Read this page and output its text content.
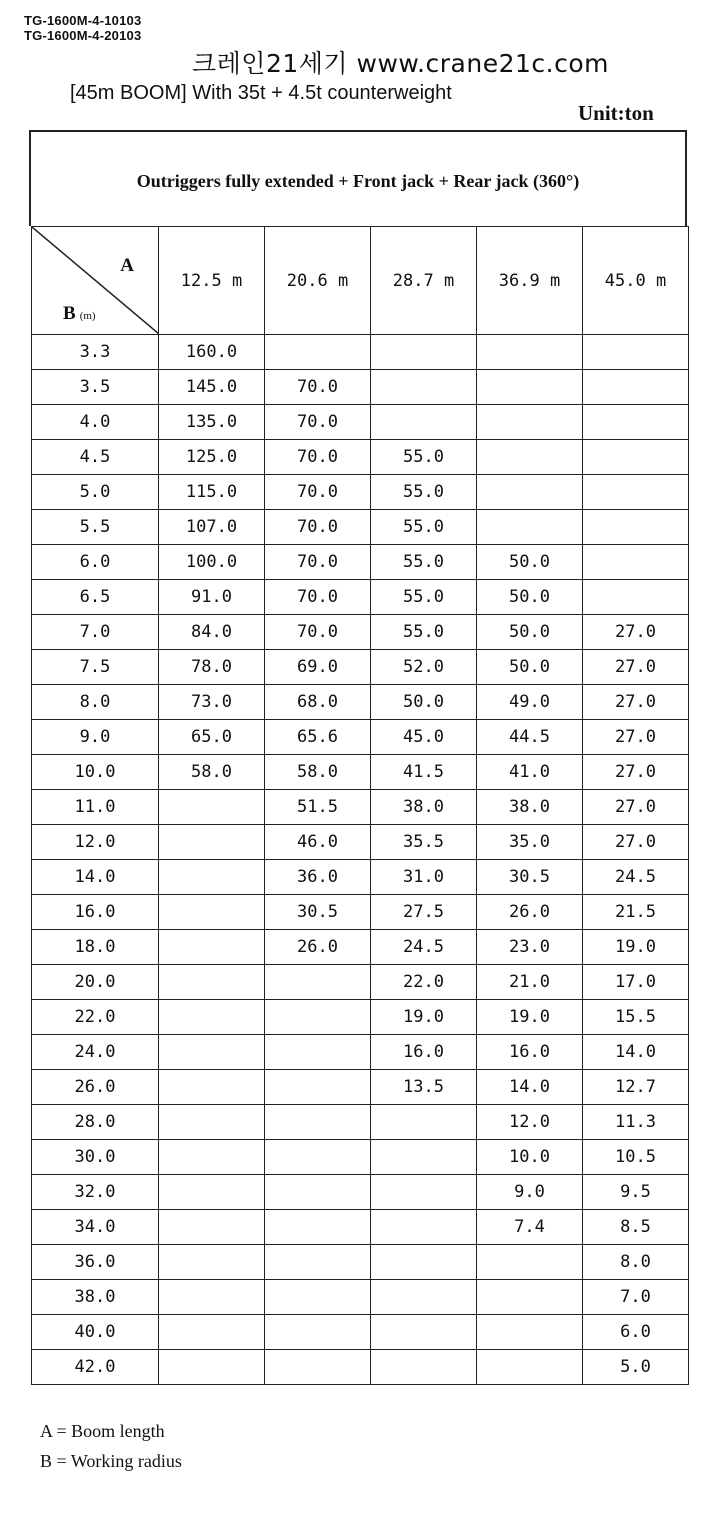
TG-1600M-4-10103
TG-1600M-4-20103
크레인21세기 www.crane21c.com
[45m BOOM] With 35t + 4.5t counterweight
Unit:ton
Outriggers fully extended + Front jack + Rear jack (360°)
A
B (m)	12.5 m	20.6 m	28.7 m	36.9 m	45.0 m
3.3	160.0				
3.5	145.0	70.0			
4.0	135.0	70.0			
4.5	125.0	70.0	55.0		
5.0	115.0	70.0	55.0		
5.5	107.0	70.0	55.0		
6.0	100.0	70.0	55.0	50.0	
6.5	91.0	70.0	55.0	50.0	
7.0	84.0	70.0	55.0	50.0	27.0
7.5	78.0	69.0	52.0	50.0	27.0
8.0	73.0	68.0	50.0	49.0	27.0
9.0	65.0	65.6	45.0	44.5	27.0
10.0	58.0	58.0	41.5	41.0	27.0
11.0		51.5	38.0	38.0	27.0
12.0		46.0	35.5	35.0	27.0
14.0		36.0	31.0	30.5	24.5
16.0		30.5	27.5	26.0	21.5
18.0		26.0	24.5	23.0	19.0
20.0			22.0	21.0	17.0
22.0			19.0	19.0	15.5
24.0			16.0	16.0	14.0
26.0			13.5	14.0	12.7
28.0				12.0	11.3
30.0				10.0	10.5
32.0				9.0	9.5
34.0				7.4	8.5
36.0					8.0
38.0					7.0
40.0					6.0
42.0					5.0
A = Boom length
B = Working radius
